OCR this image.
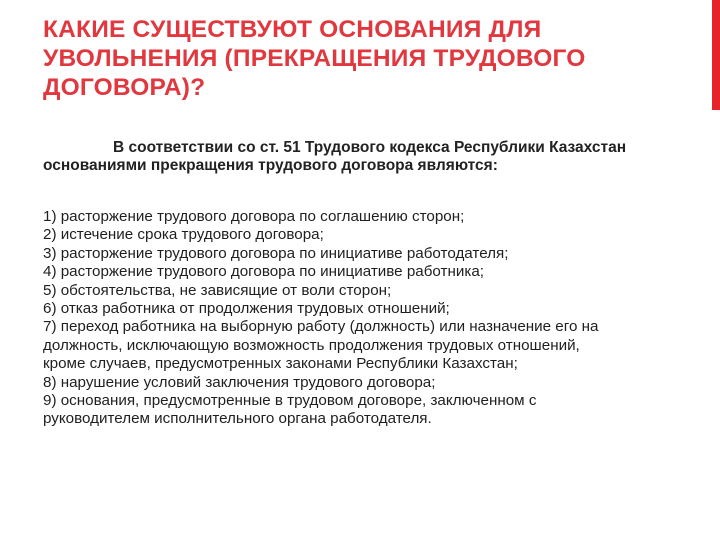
КАКИЕ СУЩЕСТВУЮТ ОСНОВАНИЯ ДЛЯ УВОЛЬНЕНИЯ (ПРЕКРАЩЕНИЯ ТРУДОВОГО ДОГОВОРА)?

В соответствии со ст. 51 Трудового кодекса Республики Казахстан основаниями прекращения трудового договора являются:

1) расторжение трудового договора по соглашению сторон;
2) истечение срока трудового договора;
3) расторжение трудового договора по инициативе работодателя;
4) расторжение трудового договора по инициативе работника;
5) обстоятельства, не зависящие от воли сторон;
6) отказ работника от продолжения трудовых отношений;
7) переход работника на выборную работу (должность) или назначение его на должность, исключающую возможность продолжения трудовых отношений, кроме случаев, предусмотренных законами Республики Казахстан;
8) нарушение условий заключения трудового договора;
9) основания, предусмотренные в трудовом договоре, заключенном с руководителем исполнительного органа работодателя.
